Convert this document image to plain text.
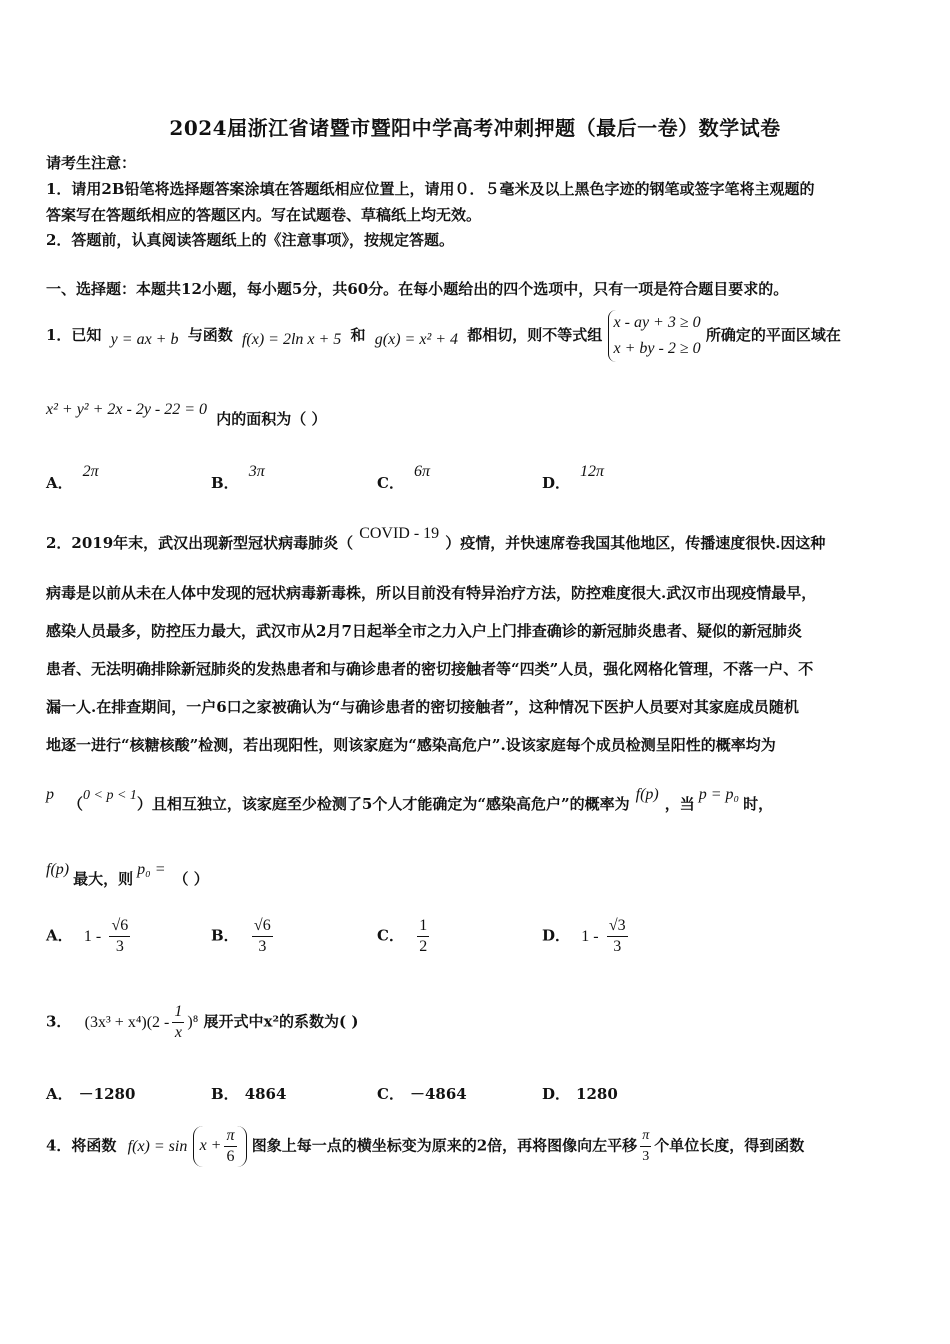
2024届浙江省诸暨市暨阳中学高考冲刺押题（最后一卷）数学试卷
请考生注意：
1．请用2B铅笔将选择题答案涂填在答题纸相应位置上，请用０．５毫米及以上黑色字迹的钢笔或签字笔将主观题的
答案写在答题纸相应的答题区内。写在试题卷、草稿纸上均无效。
2．答题前，认真阅读答题纸上的《注意事项》，按规定答题。
一、选择题：本题共12小题，每小题5分，共60分。在每小题给出的四个选项中，只有一项是符合题目要求的。
1．已知 y = ax + b 与函数 f(x) = 2ln x + 5 和 g(x) = x² + 4 都相切，则不等式组
x - ay + 3 ≥ 0
x + by - 2 ≥ 0
所确定的平面区域在
x² + y² + 2x - 2y - 22 = 0 内的面积为（ ）
A．2π
B．3π
C．6π
D．12π
2．2019年末，武汉出现新型冠状病毒肺炎（COVID - 19）疫情，并快速席卷我国其他地区，传播速度很快.因这种
病毒是以前从未在人体中发现的冠状病毒新毒株，所以目前没有特异治疗方法，防控难度很大.武汉市出现疫情最早，
感染人员最多，防控压力最大，武汉市从2月7日起举全市之力入户上门排查确诊的新冠肺炎患者、疑似的新冠肺炎
患者、无法明确排除新冠肺炎的发热患者和与确诊患者的密切接触者等“四类”人员，强化网格化管理，不落一户、不
漏一人.在排查期间，一户6口之家被确认为“与确诊患者的密切接触者”，这种情况下医护人员要对其家庭成员随机
地逐一进行“核糖核酸”检测，若出现阳性，则该家庭为“感染高危户”.设该家庭每个成员检测呈阳性的概率均为
p（0 < p < 1）且相互独立，该家庭至少检测了5个人才能确定为“感染高危户”的概率为f(p)，当p = p₀时，
f(p)最大，则p₀ =（ ）
A． $1 - \frac{√6}{3}$	B． $\frac{√6}{3}$	C． $\frac{1}{2}$	D． $1 - \frac{√3}{3}$
3． $(3x^3 + x^4)(2 - \frac{1}{x} )^8$ 展开式中x²的系数为( )
A． －1280	B． 4864	C． －4864	D． 1280
4．将函数 $f(x) = \sin x + \frac{\pi}{6}$ 图象上每一点的横坐标变为原来的2倍，再将图像向左平移 $\frac{\pi}{3}$ 个单位长度，得到函数
